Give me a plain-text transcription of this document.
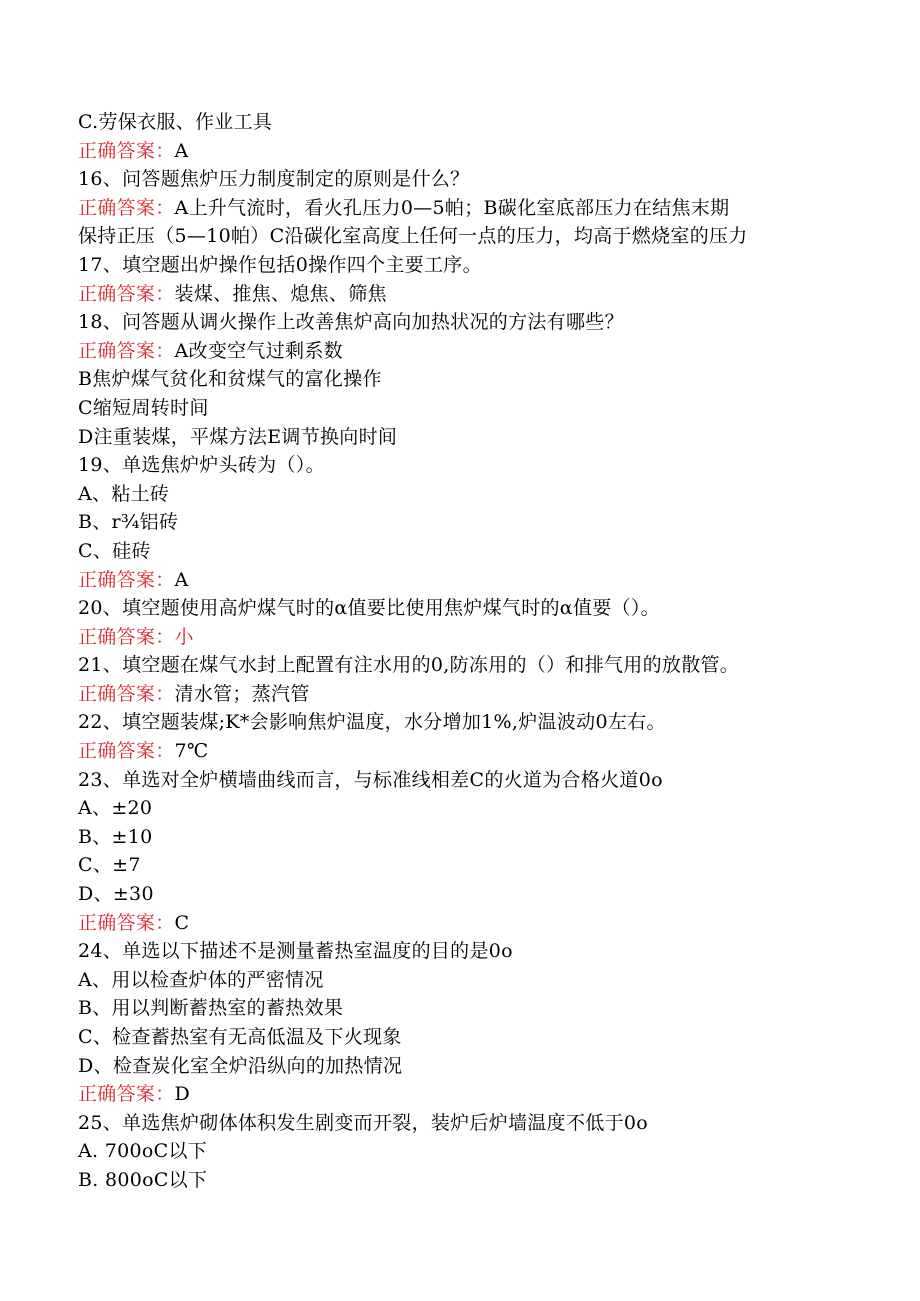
C.劳保衣服、作业工具
正确答案：A
16、问答题焦炉压力制度制定的原则是什么？
正确答案：A上升气流时，看火孔压力0—5帕；B碳化室底部压力在结焦末期
保持正压（5—10帕）C沿碳化室高度上任何一点的压力，均高于燃烧室的压力
17、填空题出炉操作包括0操作四个主要工序。
正确答案：装煤、推焦、熄焦、筛焦
18、问答题从调火操作上改善焦炉高向加热状况的方法有哪些？
正确答案：A改变空气过剩系数
B焦炉煤气贫化和贫煤气的富化操作
C缩短周转时间
D注重装煤，平煤方法E调节换向时间
19、单选焦炉炉头砖为（）。
A、粘土砖
B、r¾铝砖
C、硅砖
正确答案：A
20、填空题使用高炉煤气时的α值要比使用焦炉煤气时的α值要（）。
正确答案：小
21、填空题在煤气水封上配置有注水用的0,防冻用的（）和排气用的放散管。
正确答案：清水管；蒸汽管
22、填空题装煤;K*会影响焦炉温度，水分增加1%,炉温波动0左右。
正确答案：7℃
23、单选对全炉横墙曲线而言，与标准线相差C的火道为合格火道0o
A、±20
B、±10
C、±7
D、±30
正确答案：C
24、单选以下描述不是测量蓄热室温度的目的是0o
A、用以检查炉体的严密情况
B、用以判断蓄热室的蓄热效果
C、检查蓄热室有无高低温及下火现象
D、检查炭化室全炉沿纵向的加热情况
正确答案：D
25、单选焦炉砌体体积发生剧变而开裂，装炉后炉墙温度不低于0o
A. 700oC以下
B. 800oC以下
